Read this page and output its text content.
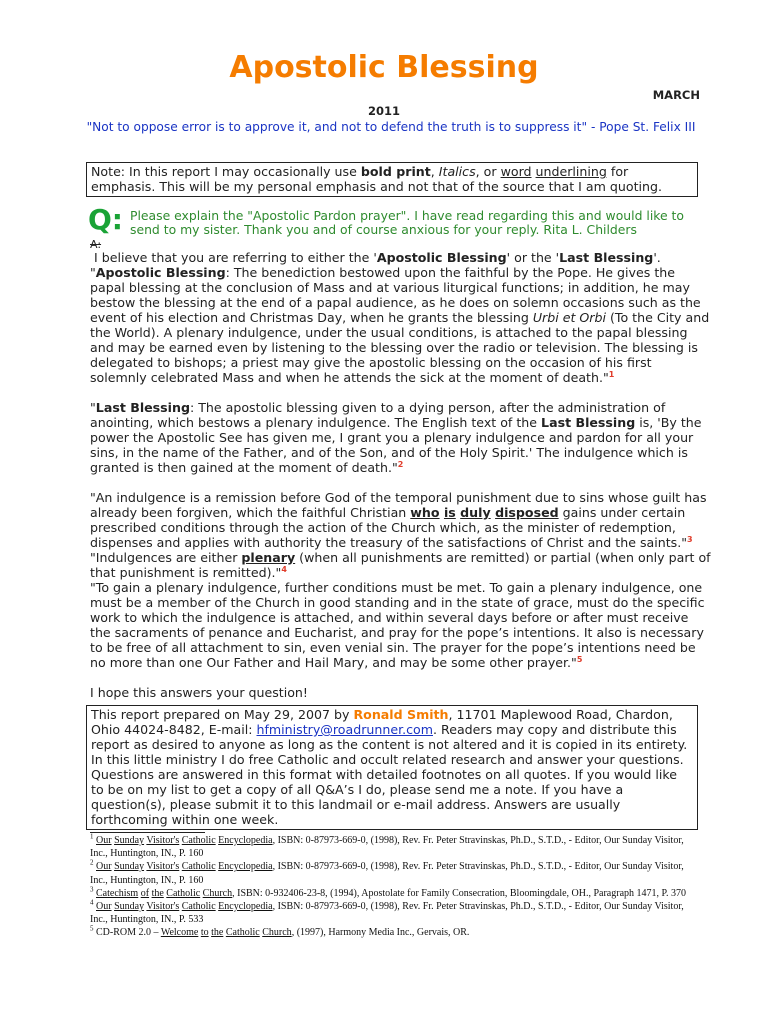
Apostolic Blessing
MARCH
2011
"Not to oppose error is to approve it, and not to defend the truth is to suppress it" - Pope St. Felix III
Note: In this report I may occasionally use bold print, Italics, or word underlining for emphasis. This will be my personal emphasis and not that of the source that I am quoting.
Q: Please explain the "Apostolic Pardon prayer". I have read regarding this and would like to send to my sister. Thank you and of course anxious for your reply. Rita L. Childers
A:

I believe that you are referring to either the 'Apostolic Blessing' or the 'Last Blessing'.

"Apostolic Blessing: The benediction bestowed upon the faithful by the Pope. He gives the papal blessing at the conclusion of Mass and at various liturgical functions; in addition, he may bestow the blessing at the end of a papal audience, as he does on solemn occasions such as the event of his election and Christmas Day, when he grants the blessing Urbi et Orbi (To the City and the World). A plenary indulgence, under the usual conditions, is attached to the papal blessing and may be earned even by listening to the blessing over the radio or television. The blessing is delegated to bishops; a priest may give the apostolic blessing on the occasion of his first solemnly celebrated Mass and when he attends the sick at the moment of death."$^1$

"Last Blessing: The apostolic blessing given to a dying person, after the administration of anointing, which bestows a plenary indulgence. The English text of the Last Blessing is, 'By the power the Apostolic See has given me, I grant you a plenary indulgence and pardon for all your sins, in the name of the Father, and of the Son, and of the Holy Spirit.' The indulgence which is granted is then gained at the moment of death."$^2$

"An indulgence is a remission before God of the temporal punishment due to sins whose guilt has already been forgiven, which the faithful Christian who is duly disposed gains under certain prescribed conditions through the action of the Church which, as the minister of redemption, dispenses and applies with authority the treasury of the satisfactions of Christ and the saints."$^3$

"Indulgences are either plenary (when all punishments are remitted) or partial (when only part of that punishment is remitted)."$^4$

"To gain a plenary indulgence, further conditions must be met. To gain a plenary indulgence, one must be a member of the Church in good standing and in the state of grace, must do the specific work to which the indulgence is attached, and within several days before or after must receive the sacraments of penance and Eucharist, and pray for the pope’s intentions. It also is necessary to be free of all attachment to sin, even venial sin. The prayer for the pope’s intentions need be no more than one Our Father and Hail Mary, and may be some other prayer."$^5$

I hope this answers your question!

This report prepared on May 29, 2007 by Ronald Smith, 11701 Maplewood Road, Chardon, Ohio 44024-8482, E-mail: hfministry@roadrunner.com. Readers may copy and distribute this report as desired to anyone as long as the content is not altered and it is copied in its entirety. In this little ministry I do free Catholic and occult related research and answer your questions. Questions are answered in this format with detailed footnotes on all quotes. If you would like to be on my list to get a copy of all Q&A’s I do, please send me a note. If you have a question(s), please submit it to this landmail or e-mail address. Answers are usually forthcoming within one week.
$^1$ Our Sunday Visitor's Catholic Encyclopedia, ISBN: 0-87973-669-0, (1998), Rev. Fr. Peter Stravinskas, Ph.D., S.T.D., - Editor, Our Sunday Visitor, Inc., Huntington, IN., P. 160
$^2$ Our Sunday Visitor's Catholic Encyclopedia, ISBN: 0-87973-669-0, (1998), Rev. Fr. Peter Stravinskas, Ph.D., S.T.D., - Editor, Our Sunday Visitor, Inc., Huntington, IN., P. 160
$^3$ Catechism of the Catholic Church, ISBN: 0-932406-23-8, (1994), Apostolate for Family Consecration, Bloomingdale, OH., Paragraph 1471, P. 370
$^4$ Our Sunday Visitor's Catholic Encyclopedia, ISBN: 0-87973-669-0, (1998), Rev. Fr. Peter Stravinskas, Ph.D., S.T.D., - Editor, Our Sunday Visitor, Inc., Huntington, IN., P. 533
$^5$ CD-ROM 2.0 – Welcome to the Catholic Church, (1997), Harmony Media Inc., Gervais, OR.
